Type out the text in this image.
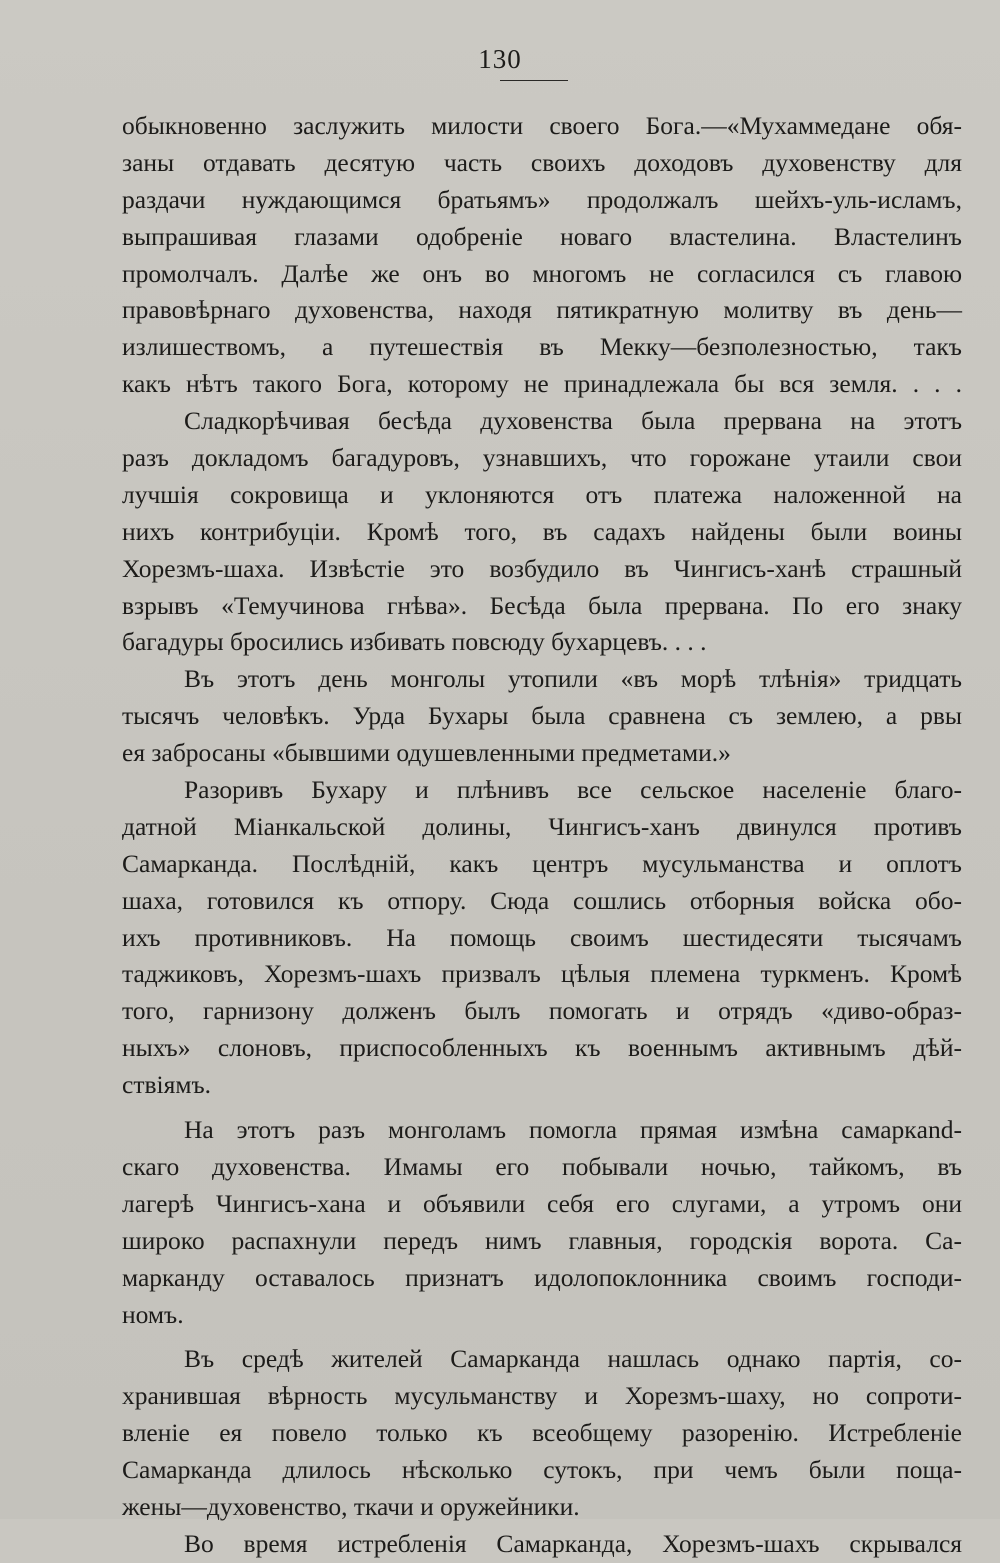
130
обыкновенно заслужить милости своего Бога.—«Мухаммедане обя-
заны отдавать десятую часть своихъ доходовъ духовенству для
раздачи нуждающимся братьямъ» продолжалъ шейхъ-уль-исламъ,
выпрашивая глазами одобреніе новаго властелина. Властелинъ
промолчалъ. Далѣе же онъ во многомъ не согласился съ главою
правовѣрнаго духовенства, находя пятикратную молитву въ день—
излишествомъ, а путешествія въ Мекку—безполезностью, такъ
какъ нѣтъ такого Бога, которому не принадлежала бы вся земля. . . .
Сладкорѣчивая бесѣда духовенства была прервана на этотъ
разъ докладомъ багадуровъ, узнавшихъ, что горожане утаили свои
лучшія сокровища и уклоняются отъ платежа наложенной на
нихъ контрибуціи. Кромѣ того, въ садахъ найдены были воины
Хорезмъ-шаха. Извѣстіе это возбудило въ Чингисъ-ханѣ страшный
взрывъ «Темучинова гнѣва». Бесѣда была прервана. По его знаку
багадуры бросились избивать повсюду бухарцевъ. . . .
Въ этотъ день монголы утопили «въ морѣ тлѣнія» тридцать
тысячъ человѣкъ. Урда Бухары была сравнена съ землею, а рвы
ея забросаны «бывшими одушевленными предметами.»
Разоривъ Бухару и плѣнивъ все сельское населеніе благо-
датной Міанкальской долины, Чингисъ-ханъ двинулся противъ
Самарканда. Послѣдній, какъ центръ мусульманства и оплотъ
шаха, готовился къ отпору. Сюда сошлись отборныя войска обо-
ихъ противниковъ. На помощь своимъ шестидесяти тысячамъ
таджиковъ, Хорезмъ-шахъ призвалъ цѣлыя племена туркменъ. Кромѣ
того, гарнизону долженъ былъ помогать и отрядъ «диво-образ-
ныхъ» слоновъ, приспособленныхъ къ военнымъ активнымъ дѣй-
ствіямъ.
На этотъ разъ монголамъ помогла прямая измѣна самаркand-
скаго духовенства. Имамы его побывали ночью, тайкомъ, въ
лагерѣ Чингисъ-хана и объявили себя его слугами, а утромъ они
широко распахнули передъ нимъ главныя, городскія ворота. Са-
марканду оставалось признатъ идолопоклонника своимъ господи-
номъ.
Въ средѣ жителей Самарканда нашлась однако партія, со-
хранившая вѣрность мусульманству и Хорезмъ-шаху, но сопроти-
вленіе ея повело только къ всеобщему разоренію. Истребленіе
Самарканда длилось нѣсколько сутокъ, при чемъ были поща-
жены—духовенство, ткачи и оружейники.
Во время истребленія Самарканда, Хорезмъ-шахъ скрывался
